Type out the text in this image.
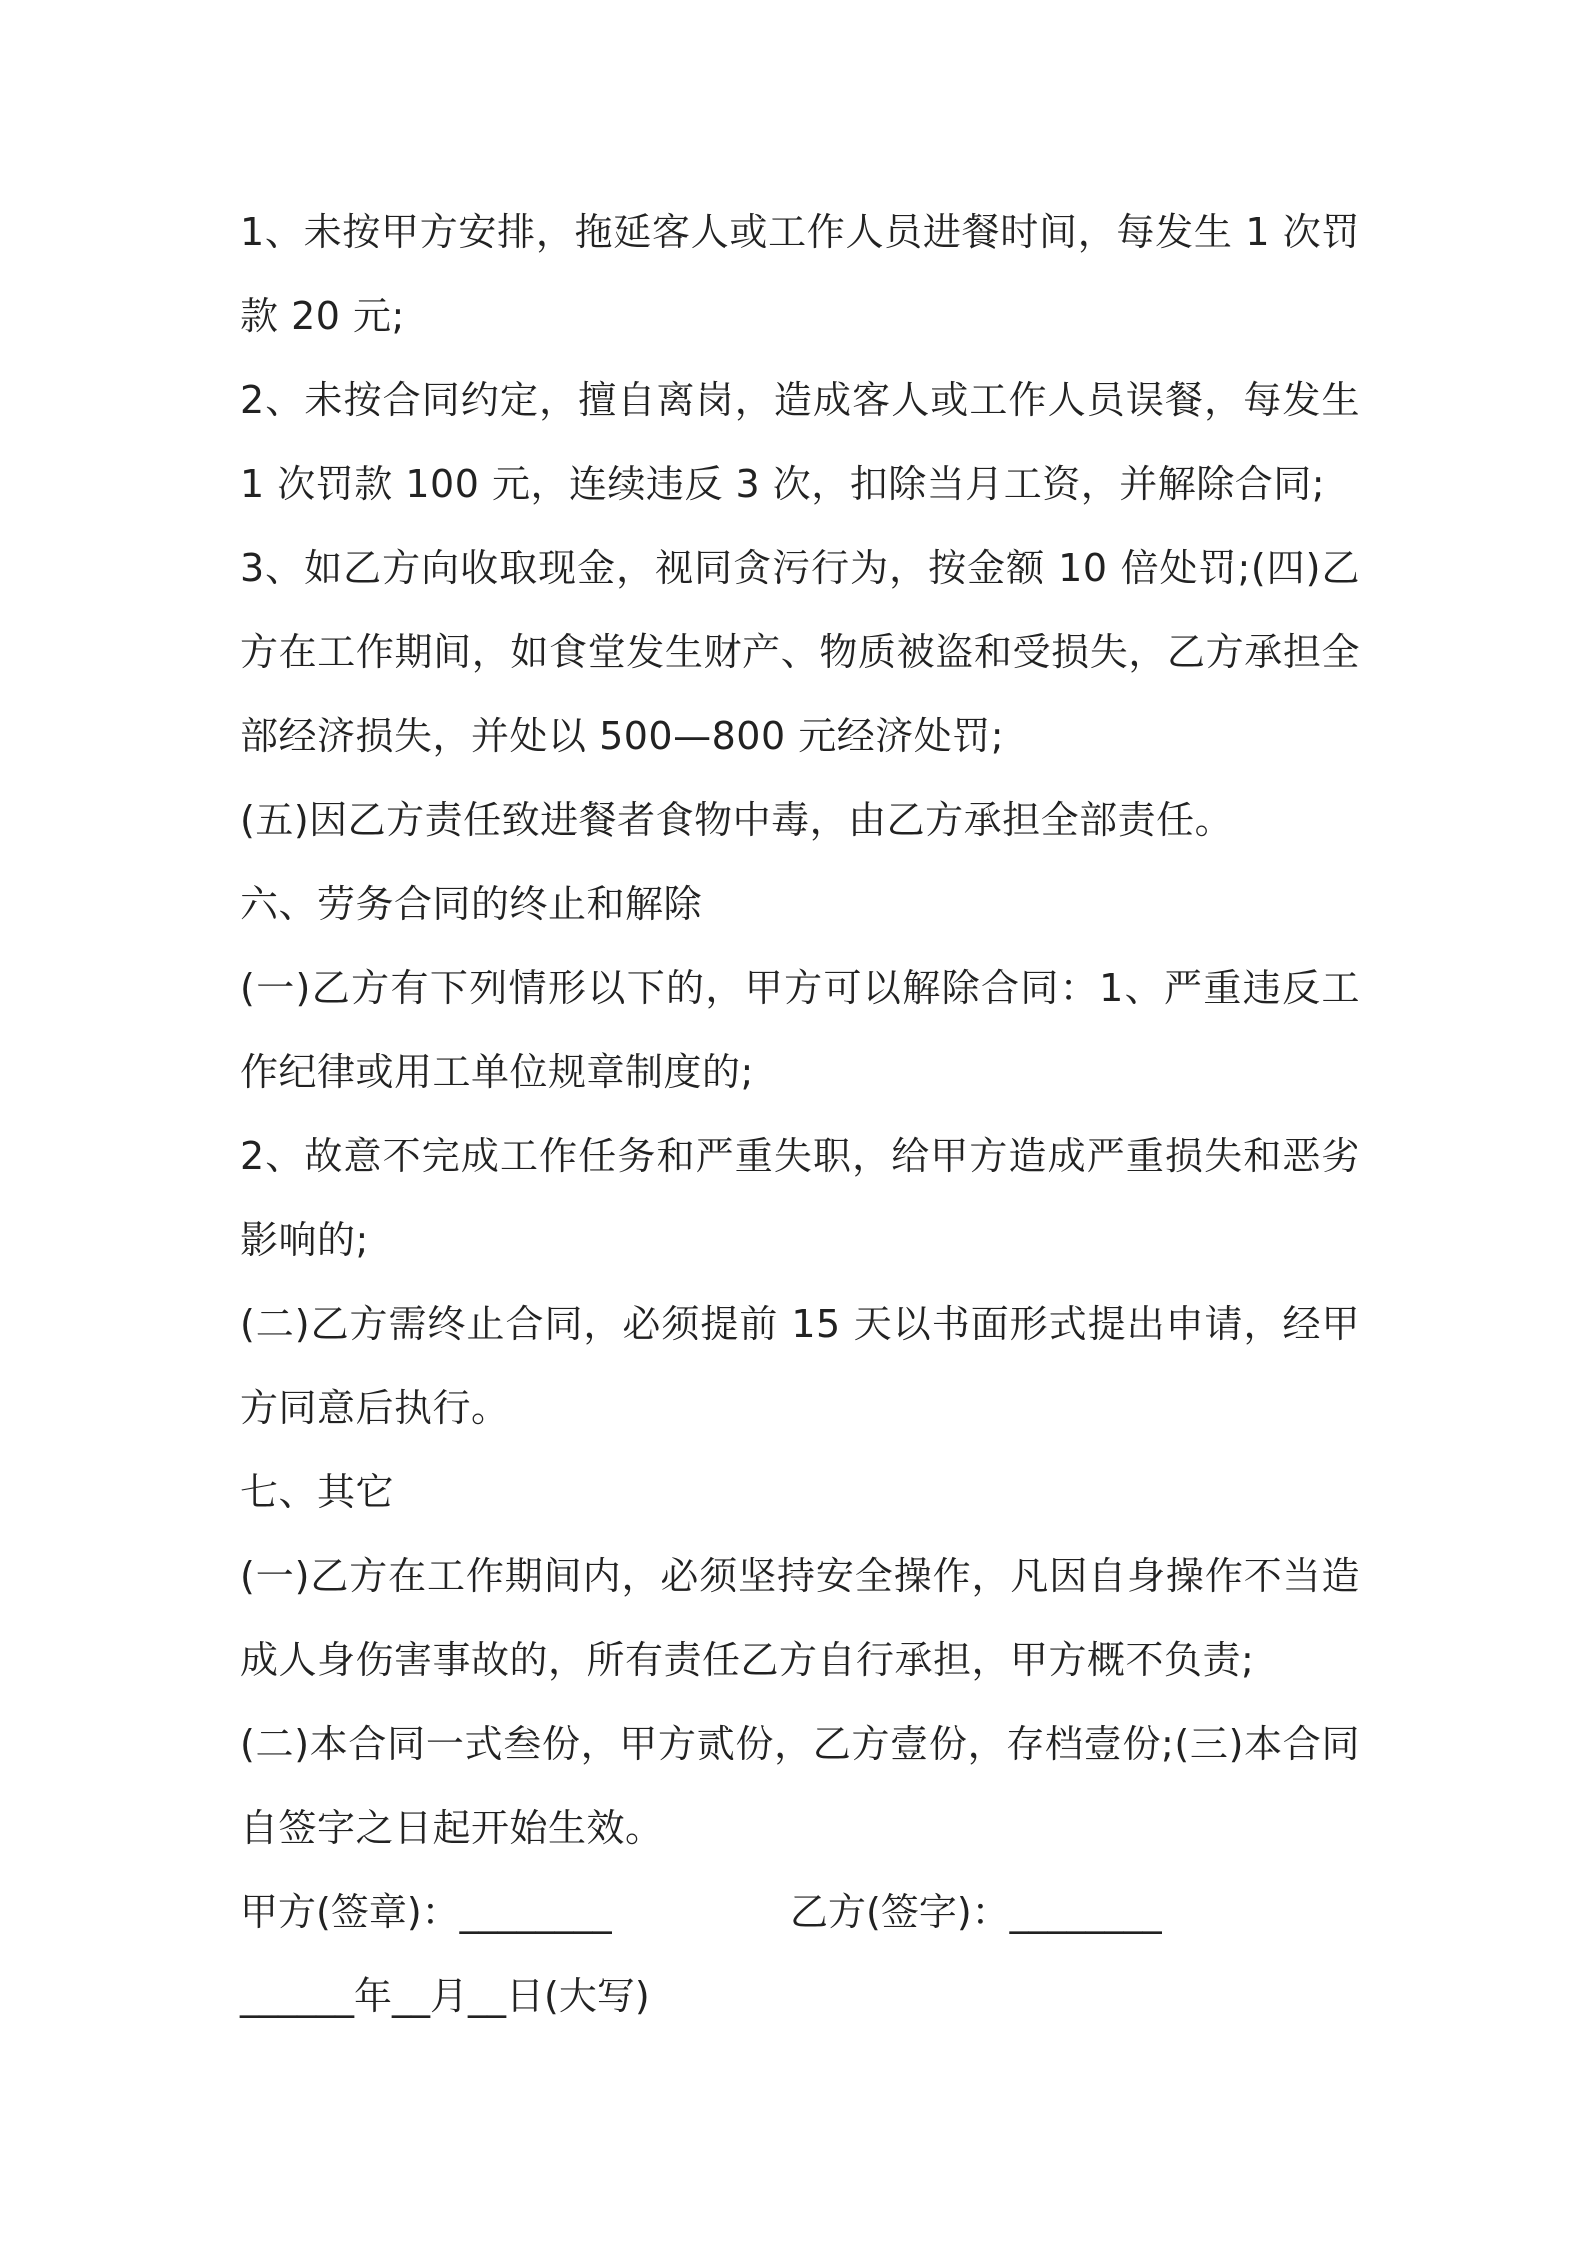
1、未按甲方安排，拖延客人或工作人员进餐时间，每发生 1 次罚款 20 元;

2、未按合同约定，擅自离岗，造成客人或工作人员误餐，每发生 1 次罚款 100 元，连续违反 3 次，扣除当月工资，并解除合同;

3、如乙方向收取现金，视同贪污行为，按金额 10 倍处罚;(四)乙方在工作期间，如食堂发生财产、物质被盗和受损失，乙方承担全部经济损失，并处以 500—800 元经济处罚;

(五)因乙方责任致进餐者食物中毒，由乙方承担全部责任。

六、劳务合同的终止和解除

(一)乙方有下列情形以下的，甲方可以解除合同：1、严重违反工作纪律或用工单位规章制度的;

2、故意不完成工作任务和严重失职，给甲方造成严重损失和恶劣影响的;

(二)乙方需终止合同，必须提前 15 天以书面形式提出申请，经甲方同意后执行。

七、其它

(一)乙方在工作期间内，必须坚持安全操作，凡因自身操作不当造成人身伤害事故的，所有责任乙方自行承担，甲方概不负责;

(二)本合同一式叁份，甲方贰份，乙方壹份，存档壹份;(三)本合同自签字之日起开始生效。

甲方(签章)：________	乙方(签字)：________
______年__月__日(大写)
